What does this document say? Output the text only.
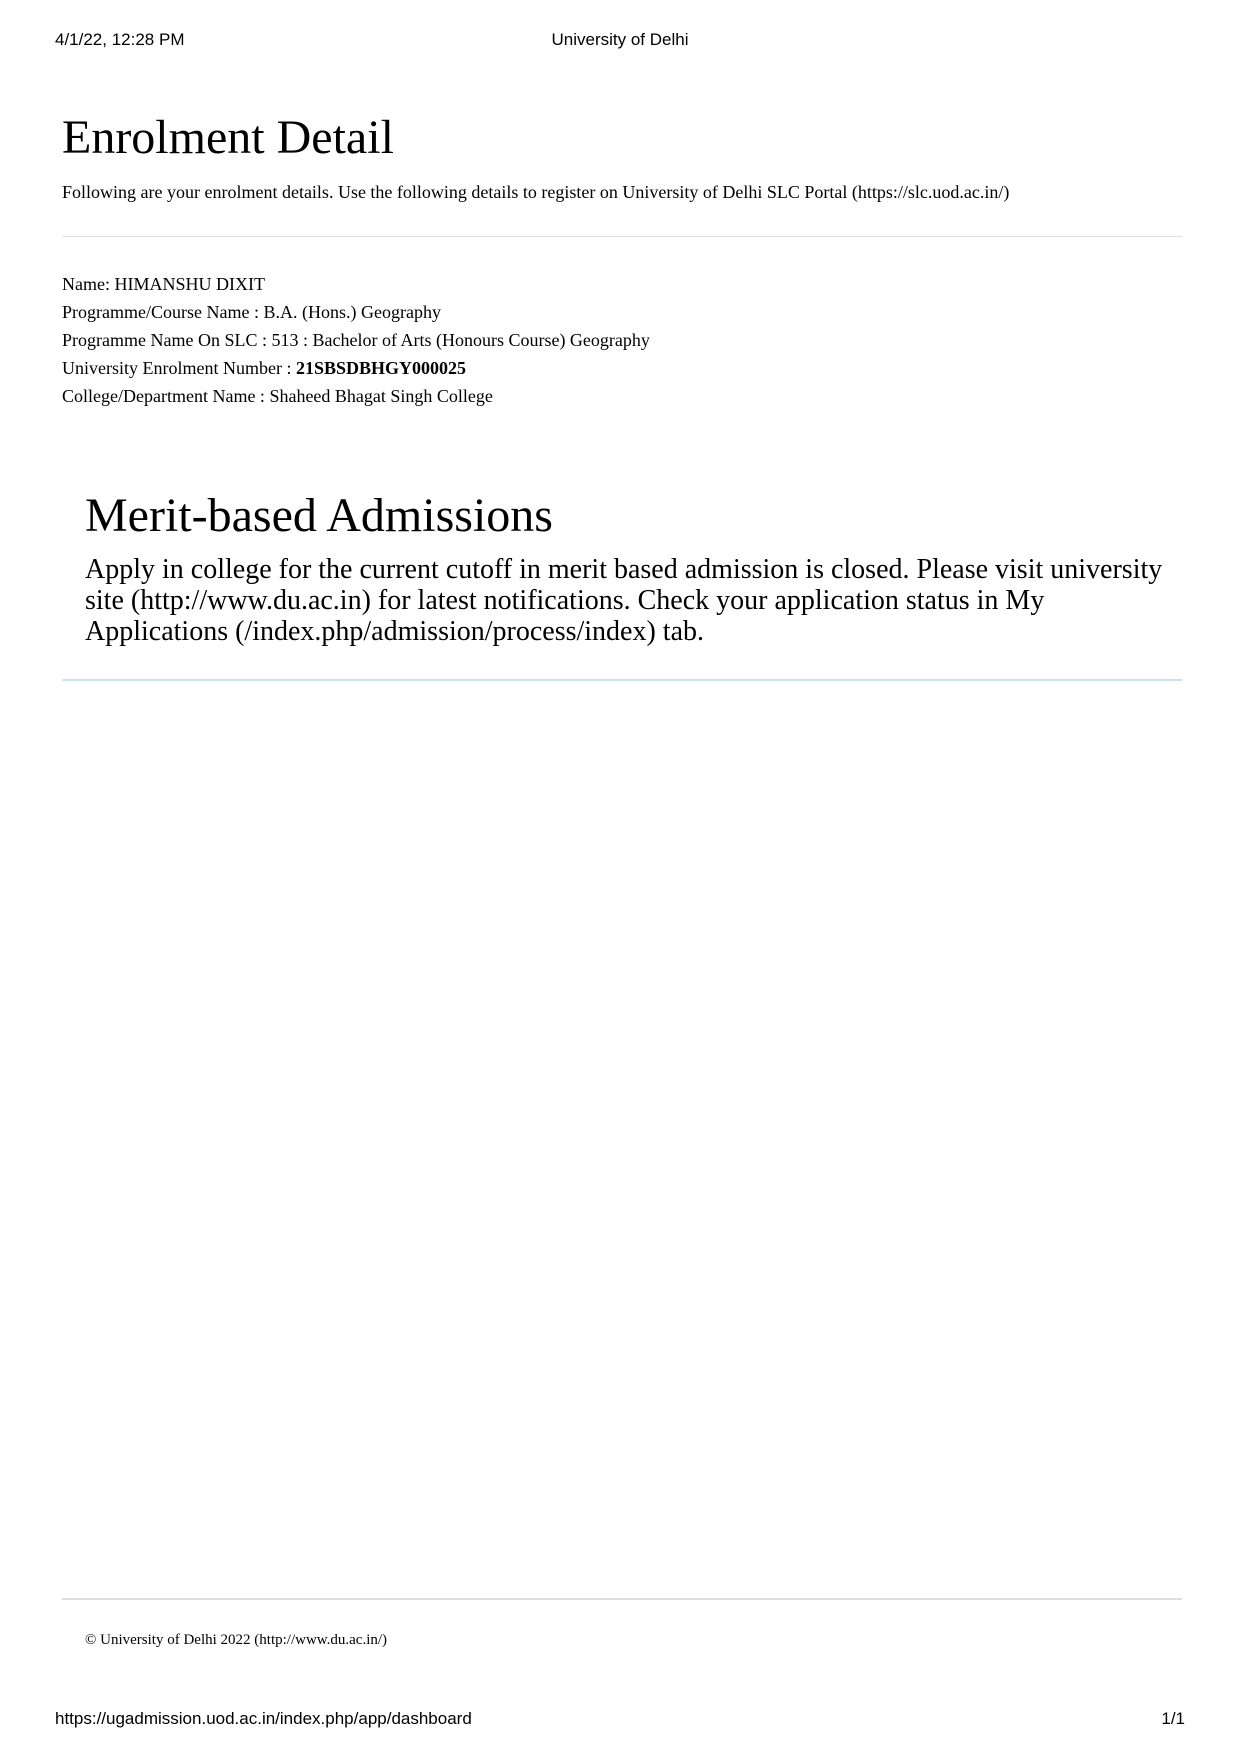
4/1/22, 12:28 PM	University of Delhi
Enrolment Detail

Following are your enrolment details. Use the following details to register on University of Delhi SLC Portal (https://slc.uod.ac.in/)

Name: HIMANSHU DIXIT
Programme/Course Name : B.A. (Hons.) Geography
Programme Name On SLC : 513 : Bachelor of Arts (Honours Course) Geography
University Enrolment Number : 21SBSDBHGY000025
College/Department Name : Shaheed Bhagat Singh College
Merit-based Admissions

Apply in college for the current cutoff in merit based admission is closed. Please visit university site (http://www.du.ac.in) for latest notifications. Check your application status in My Applications (/index.php/admission/process/index) tab.

© University of Delhi 2022 (http://www.du.ac.in/)
https://ugadmission.uod.ac.in/index.php/app/dashboard	1/1
